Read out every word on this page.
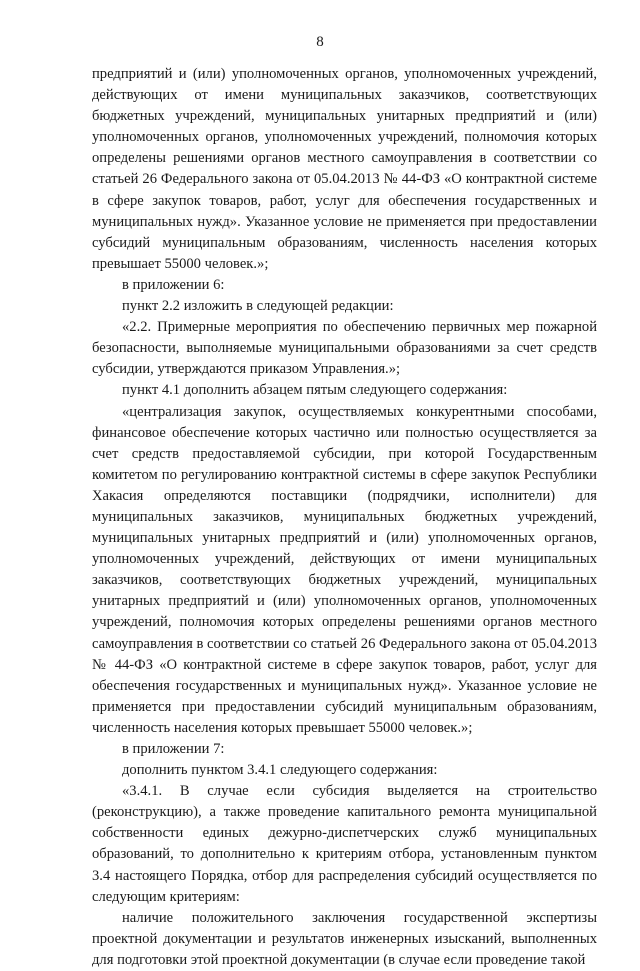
8

предприятий и (или) уполномоченных органов, уполномоченных учреждений, действующих от имени муниципальных заказчиков, соответствующих бюджетных учреждений, муниципальных унитарных предприятий и (или) уполномоченных органов, уполномоченных учреждений, полномочия которых определены решениями органов местного самоуправления в соответствии со статьей 26 Федерального закона от 05.04.2013 № 44-ФЗ «О контрактной системе в сфере закупок товаров, работ, услуг для обеспечения государственных и муниципальных нужд». Указанное условие не применяется при предоставлении субсидий муниципальным образованиям, численность населения которых превышает 55000 человек.»;

в приложении 6:

пункт 2.2 изложить в следующей редакции:

«2.2. Примерные мероприятия по обеспечению первичных мер пожарной безопасности, выполняемые муниципальными образованиями за счет средств субсидии, утверждаются приказом Управления.»;

пункт 4.1 дополнить абзацем пятым следующего содержания:

«централизация закупок, осуществляемых конкурентными способами, финансовое обеспечение которых частично или полностью осуществляется за счет средств предоставляемой субсидии, при которой Государственным комитетом по регулированию контрактной системы в сфере закупок Республики Хакасия определяются поставщики (подрядчики, исполнители) для муниципальных заказчиков, муниципальных бюджетных учреждений, муниципальных унитарных предприятий и (или) уполномоченных органов, уполномоченных учреждений, действующих от имени муниципальных заказчиков, соответствующих бюджетных учреждений, муниципальных унитарных предприятий и (или) уполномоченных органов, уполномоченных учреждений, полномочия которых определены решениями органов местного самоуправления в соответствии со статьей 26 Федерального закона от 05.04.2013 № 44-ФЗ «О контрактной системе в сфере закупок товаров, работ, услуг для обеспечения государственных и муниципальных нужд». Указанное условие не применяется при предоставлении субсидий муниципальным образованиям, численность населения которых превышает 55000 человек.»;

в приложении 7:

дополнить пунктом 3.4.1 следующего содержания:

«3.4.1. В случае если субсидия выделяется на строительство (реконструкцию), а также проведение капитального ремонта муниципальной собственности единых дежурно-диспетчерских служб муниципальных образований, то дополнительно к критериям отбора, установленным пунктом 3.4 настоящего Порядка, отбор для распределения субсидий осуществляется по следующим критериям:

наличие положительного заключения государственной экспертизы проектной документации и результатов инженерных изысканий, выполненных для подготовки этой проектной документации (в случае если проведение такой
